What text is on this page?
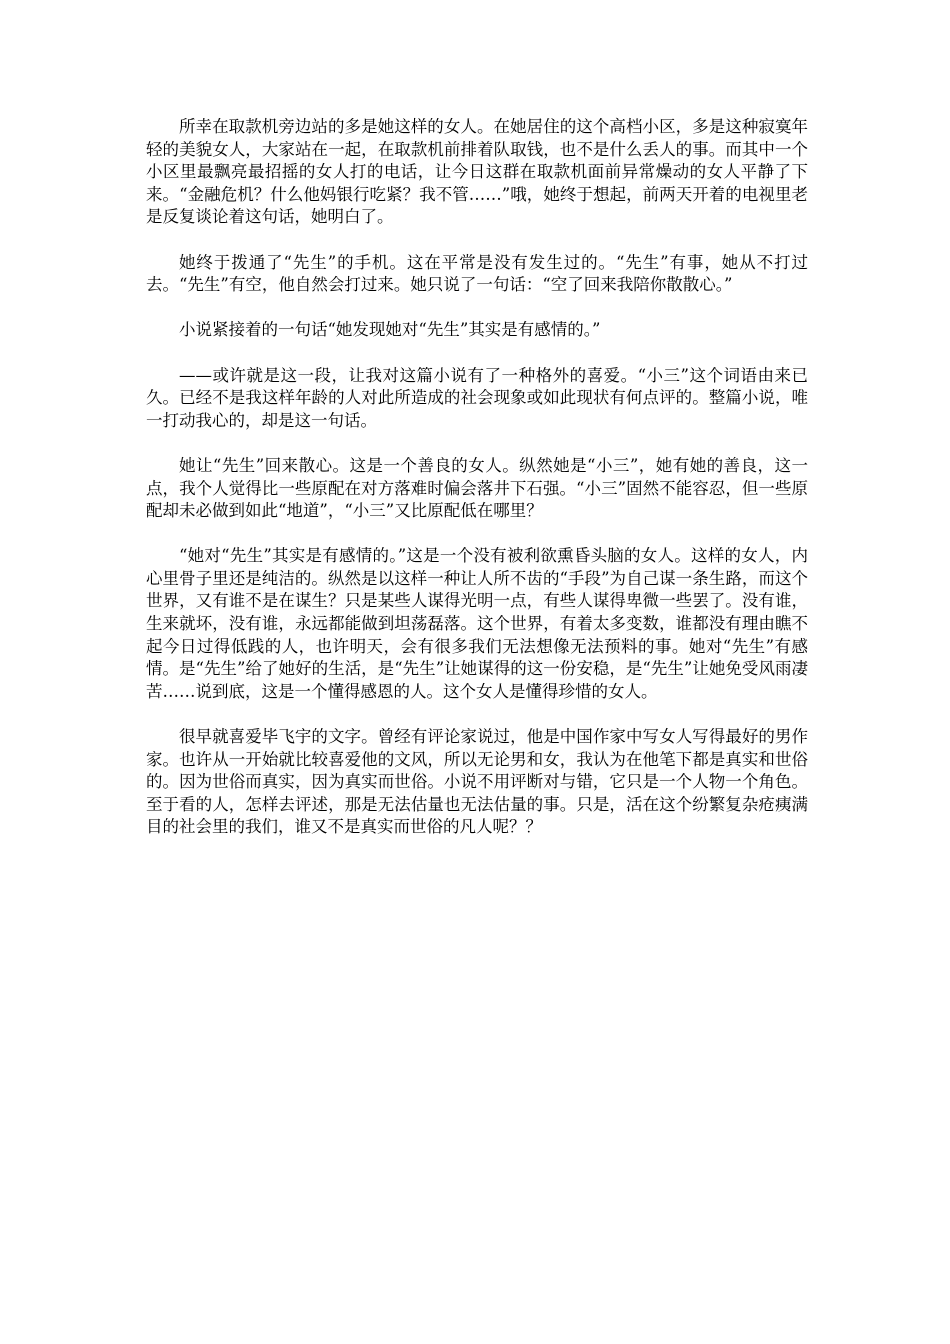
所幸在取款机旁边站的多是她这样的女人。在她居住的这个高档小区，多是这种寂寞年轻的美貌女人，大家站在一起，在取款机前排着队取钱，也不是什么丢人的事。而其中一个小区里最飘亮最招摇的女人打的电话，让今日这群在取款机面前异常燥动的女人平静了下来。“金融危机？什么他妈银行吃紧？我不管……”哦，她终于想起，前两天开着的电视里老是反复谈论着这句话，她明白了。

她终于拨通了“先生”的手机。这在平常是没有发生过的。“先生”有事，她从不打过去。“先生”有空，他自然会打过来。她只说了一句话：“空了回来我陪你散散心。”

小说紧接着的一句话“她发现她对“先生”其实是有感情的。”

——或许就是这一段，让我对这篇小说有了一种格外的喜爱。“小三”这个词语由来已久。已经不是我这样年龄的人对此所造成的社会现象或如此现状有何点评的。整篇小说，唯一打动我心的，却是这一句话。

她让“先生”回来散心。这是一个善良的女人。纵然她是“小三”，她有她的善良，这一点，我个人觉得比一些原配在对方落难时偏会落井下石强。“小三”固然不能容忍，但一些原配却未必做到如此“地道”，“小三”又比原配低在哪里？

“她对“先生”其实是有感情的。”这是一个没有被利欲熏昏头脑的女人。这样的女人，内心里骨子里还是纯洁的。纵然是以这样一种让人所不齿的“手段”为自己谋一条生路，而这个世界，又有谁不是在谋生？只是某些人谋得光明一点，有些人谋得卑微一些罢了。没有谁，生来就坏，没有谁，永远都能做到坦荡磊落。这个世界，有着太多变数，谁都没有理由瞧不起今日过得低践的人，也许明天，会有很多我们无法想像无法预料的事。她对“先生”有感情。是“先生”给了她好的生活，是“先生”让她谋得的这一份安稳，是“先生”让她免受风雨凄苦……说到底，这是一个懂得感恩的人。这个女人是懂得珍惜的女人。

很早就喜爱毕飞宇的文字。曾经有评论家说过，他是中国作家中写女人写得最好的男作家。也许从一开始就比较喜爱他的文风，所以无论男和女，我认为在他笔下都是真实和世俗的。因为世俗而真实，因为真实而世俗。小说不用评断对与错，它只是一个人物一个角色。至于看的人，怎样去评述，那是无法估量也无法估量的事。只是，活在这个纷繁复杂疮痍满目的社会里的我们，谁又不是真实而世俗的凡人呢？？
